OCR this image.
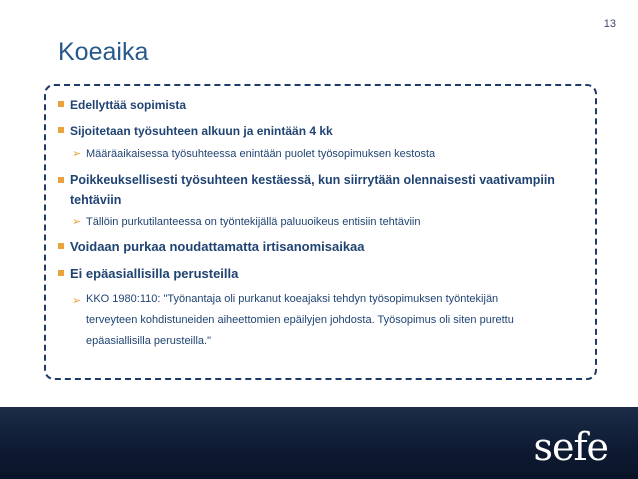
13
Koeaika
Edellyttää sopimista
Sijoitetaan työsuhteen alkuun ja enintään 4 kk
➢ Määräaikaisessa työsuhteessa enintään puolet työsopimuksen kestosta
Poikkeuksellisesti työsuhteen kestäessä, kun siirrytään olennaisesti vaativampiin
tehtäviin
➢ Tällöin purkutilanteessa on työntekijällä paluuoikeus entisiin tehtäviin
Voidaan purkaa noudattamatta irtisanomisaikaa
Ei epäasiallisilla perusteilla
➢ KKO 1980:110: "Työnantaja oli purkanut koeajaksi tehdyn työsopimuksen työntekijän
terveyteen kohdistuneiden aiheettomien epäilyjen johdosta. Työsopimus oli siten purettu
epäasiallisilla perusteilla."
sefe
